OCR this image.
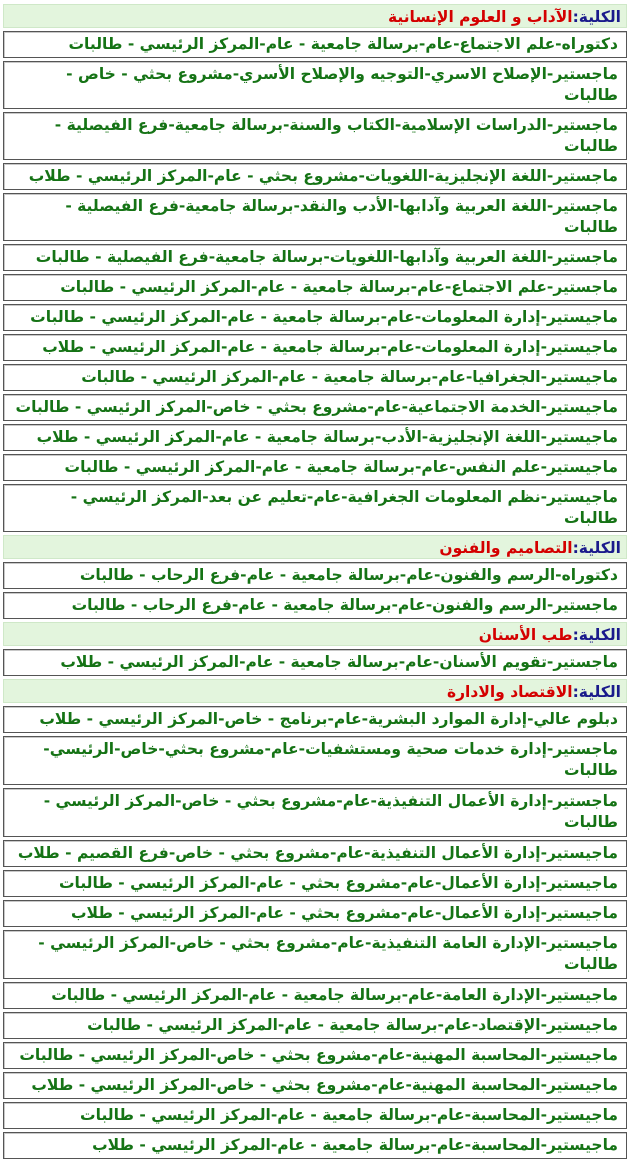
الكلية:الآداب و العلوم الإنسانية
دكتوراه-علم الاجتماع-عام-برسالة جامعية - عام-المركز الرئيسي - طالبات
ماجستير-الإصلاح الاسري-التوجيه والإصلاح الأسري-مشروع بحثي - خاص - طالبات
ماجستير-الدراسات الإسلامية-الكتاب والسنة-برسالة جامعية-فرع الفيصلية - طالبات
ماجستير-اللغة الإنجليزية-اللغويات-مشروع بحثي - عام-المركز الرئيسي - طلاب
ماجستير-اللغة العربية وآدابها-الأدب والنقد-برسالة جامعية-فرع الفيصلية - طالبات
ماجستير-اللغة العربية وآدابها-اللغويات-برسالة جامعية-فرع الفيصلية - طالبات
ماجستير-علم الاجتماع-عام-برسالة جامعية - عام-المركز الرئيسي - طالبات
ماجيستير-إدارة المعلومات-عام-برسالة جامعية - عام-المركز الرئيسي - طالبات
ماجيستير-إدارة المعلومات-عام-برسالة جامعية - عام-المركز الرئيسي - طلاب
ماجيستير-الجغرافيا-عام-برسالة جامعية - عام-المركز الرئيسي - طالبات
ماجيستير-الخدمة الاجتماعية-عام-مشروع بحثي - خاص-المركز الرئيسي - طالبات
ماجيستير-اللغة الإنجليزية-الأدب-برسالة جامعية - عام-المركز الرئيسي - طلاب
ماجيستير-علم النفس-عام-برسالة جامعية - عام-المركز الرئيسي - طالبات
ماجيستير-نظم المعلومات الجغرافية-عام-تعليم عن بعد-المركز الرئيسي - طالبات
الكلية:التصاميم والفنون
دكتوراه-الرسم والفنون-عام-برسالة جامعية - عام-فرع الرحاب - طالبات
ماجستير-الرسم والفنون-عام-برسالة جامعية - عام-فرع الرحاب - طالبات
الكلية:طب الأسنان
ماجستير-تقويم الأسنان-عام-برسالة جامعية - عام-المركز الرئيسي - طلاب
الكلية:الاقتصاد والادارة
دبلوم عالي-إدارة الموارد البشرية-عام-برنامج - خاص-المركز الرئيسي - طلاب
ماجستير-إدارة خدمات صحية ومستشفيات-عام-مشروع بحثي-خاص-الرئيسي-طالبات
ماجستير-إدارة الأعمال التنفيذية-عام-مشروع بحثي - خاص-المركز الرئيسي - طالبات
ماجيستير-إدارة الأعمال التنفيذية-عام-مشروع بحثي - خاص-فرع القصيم - طلاب
ماجيستير-إدارة الأعمال-عام-مشروع بحثي - عام-المركز الرئيسي - طالبات
ماجيستير-إدارة الأعمال-عام-مشروع بحثي - عام-المركز الرئيسي - طلاب
ماجيستير-الإدارة العامة التنفيذية-عام-مشروع بحثي - خاص-المركز الرئيسي - طالبات
ماجيستير-الإدارة العامة-عام-برسالة جامعية - عام-المركز الرئيسي - طالبات
ماجيستير-الإقتصاد-عام-برسالة جامعية - عام-المركز الرئيسي - طالبات
ماجيستير-المحاسبة المهنية-عام-مشروع بحثي - خاص-المركز الرئيسي - طالبات
ماجيستير-المحاسبة المهنية-عام-مشروع بحثي - خاص-المركز الرئيسي - طلاب
ماجيستير-المحاسبة-عام-برسالة جامعية - عام-المركز الرئيسي - طالبات
ماجيستير-المحاسبة-عام-برسالة جامعية - عام-المركز الرئيسي - طلاب
